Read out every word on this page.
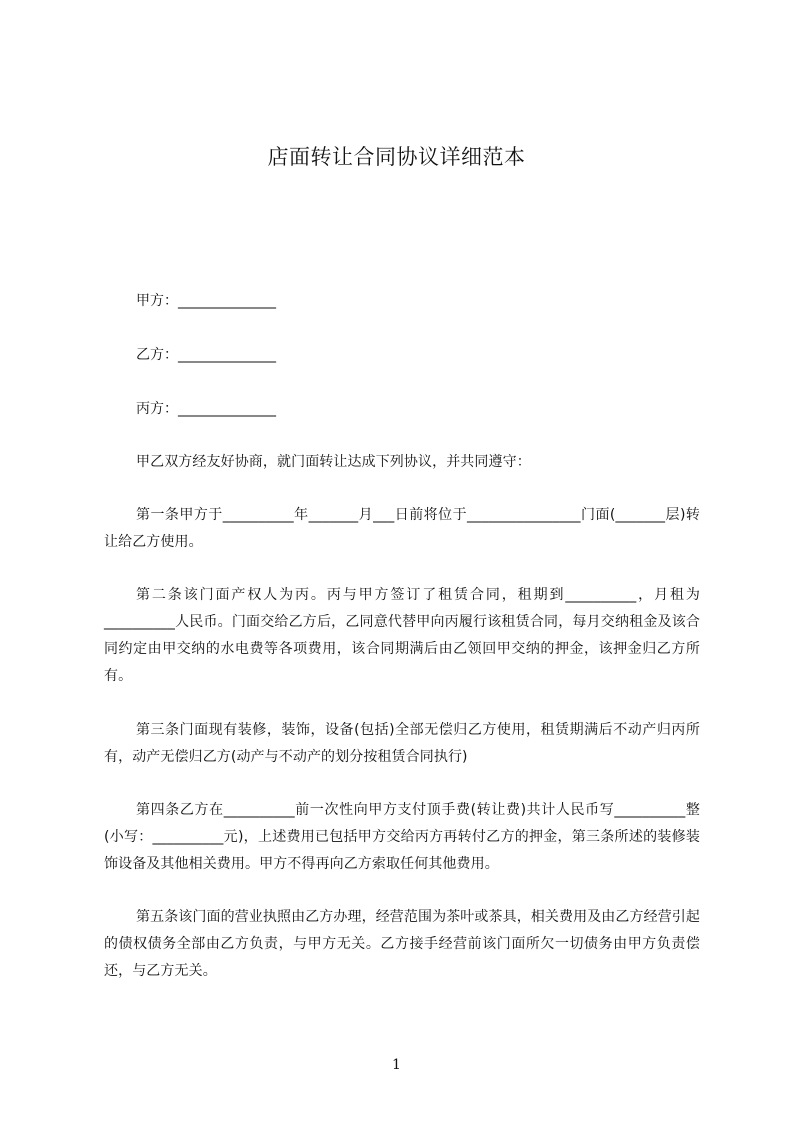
店面转让合同协议详细范本
甲方：______________
乙方：______________
丙方：______________
甲乙双方经友好协商，就门面转让达成下列协议，并共同遵守：
第一条甲方于__________年_______月___日前将位于________________门面(_______层)转让给乙方使用。
第二条该门面产权人为丙。丙与甲方签订了租赁合同，租期到__________，月租为__________人民币。门面交给乙方后，乙同意代替甲向丙履行该租赁合同，每月交纳租金及该合同约定由甲交纳的水电费等各项费用，该合同期满后由乙领回甲交纳的押金，该押金归乙方所有。
第三条门面现有装修，装饰，设备(包括)全部无偿归乙方使用，租赁期满后不动产归丙所有，动产无偿归乙方(动产与不动产的划分按租赁合同执行)
第四条乙方在__________前一次性向甲方支付顶手费(转让费)共计人民币写__________整(小写：__________元)，上述费用已包括甲方交给丙方再转付乙方的押金，第三条所述的装修装饰设备及其他相关费用。甲方不得再向乙方索取任何其他费用。
第五条该门面的营业执照由乙方办理，经营范围为茶叶或茶具，相关费用及由乙方经营引起的债权债务全部由乙方负责，与甲方无关。乙方接手经营前该门面所欠一切债务由甲方负责偿还，与乙方无关。
1
